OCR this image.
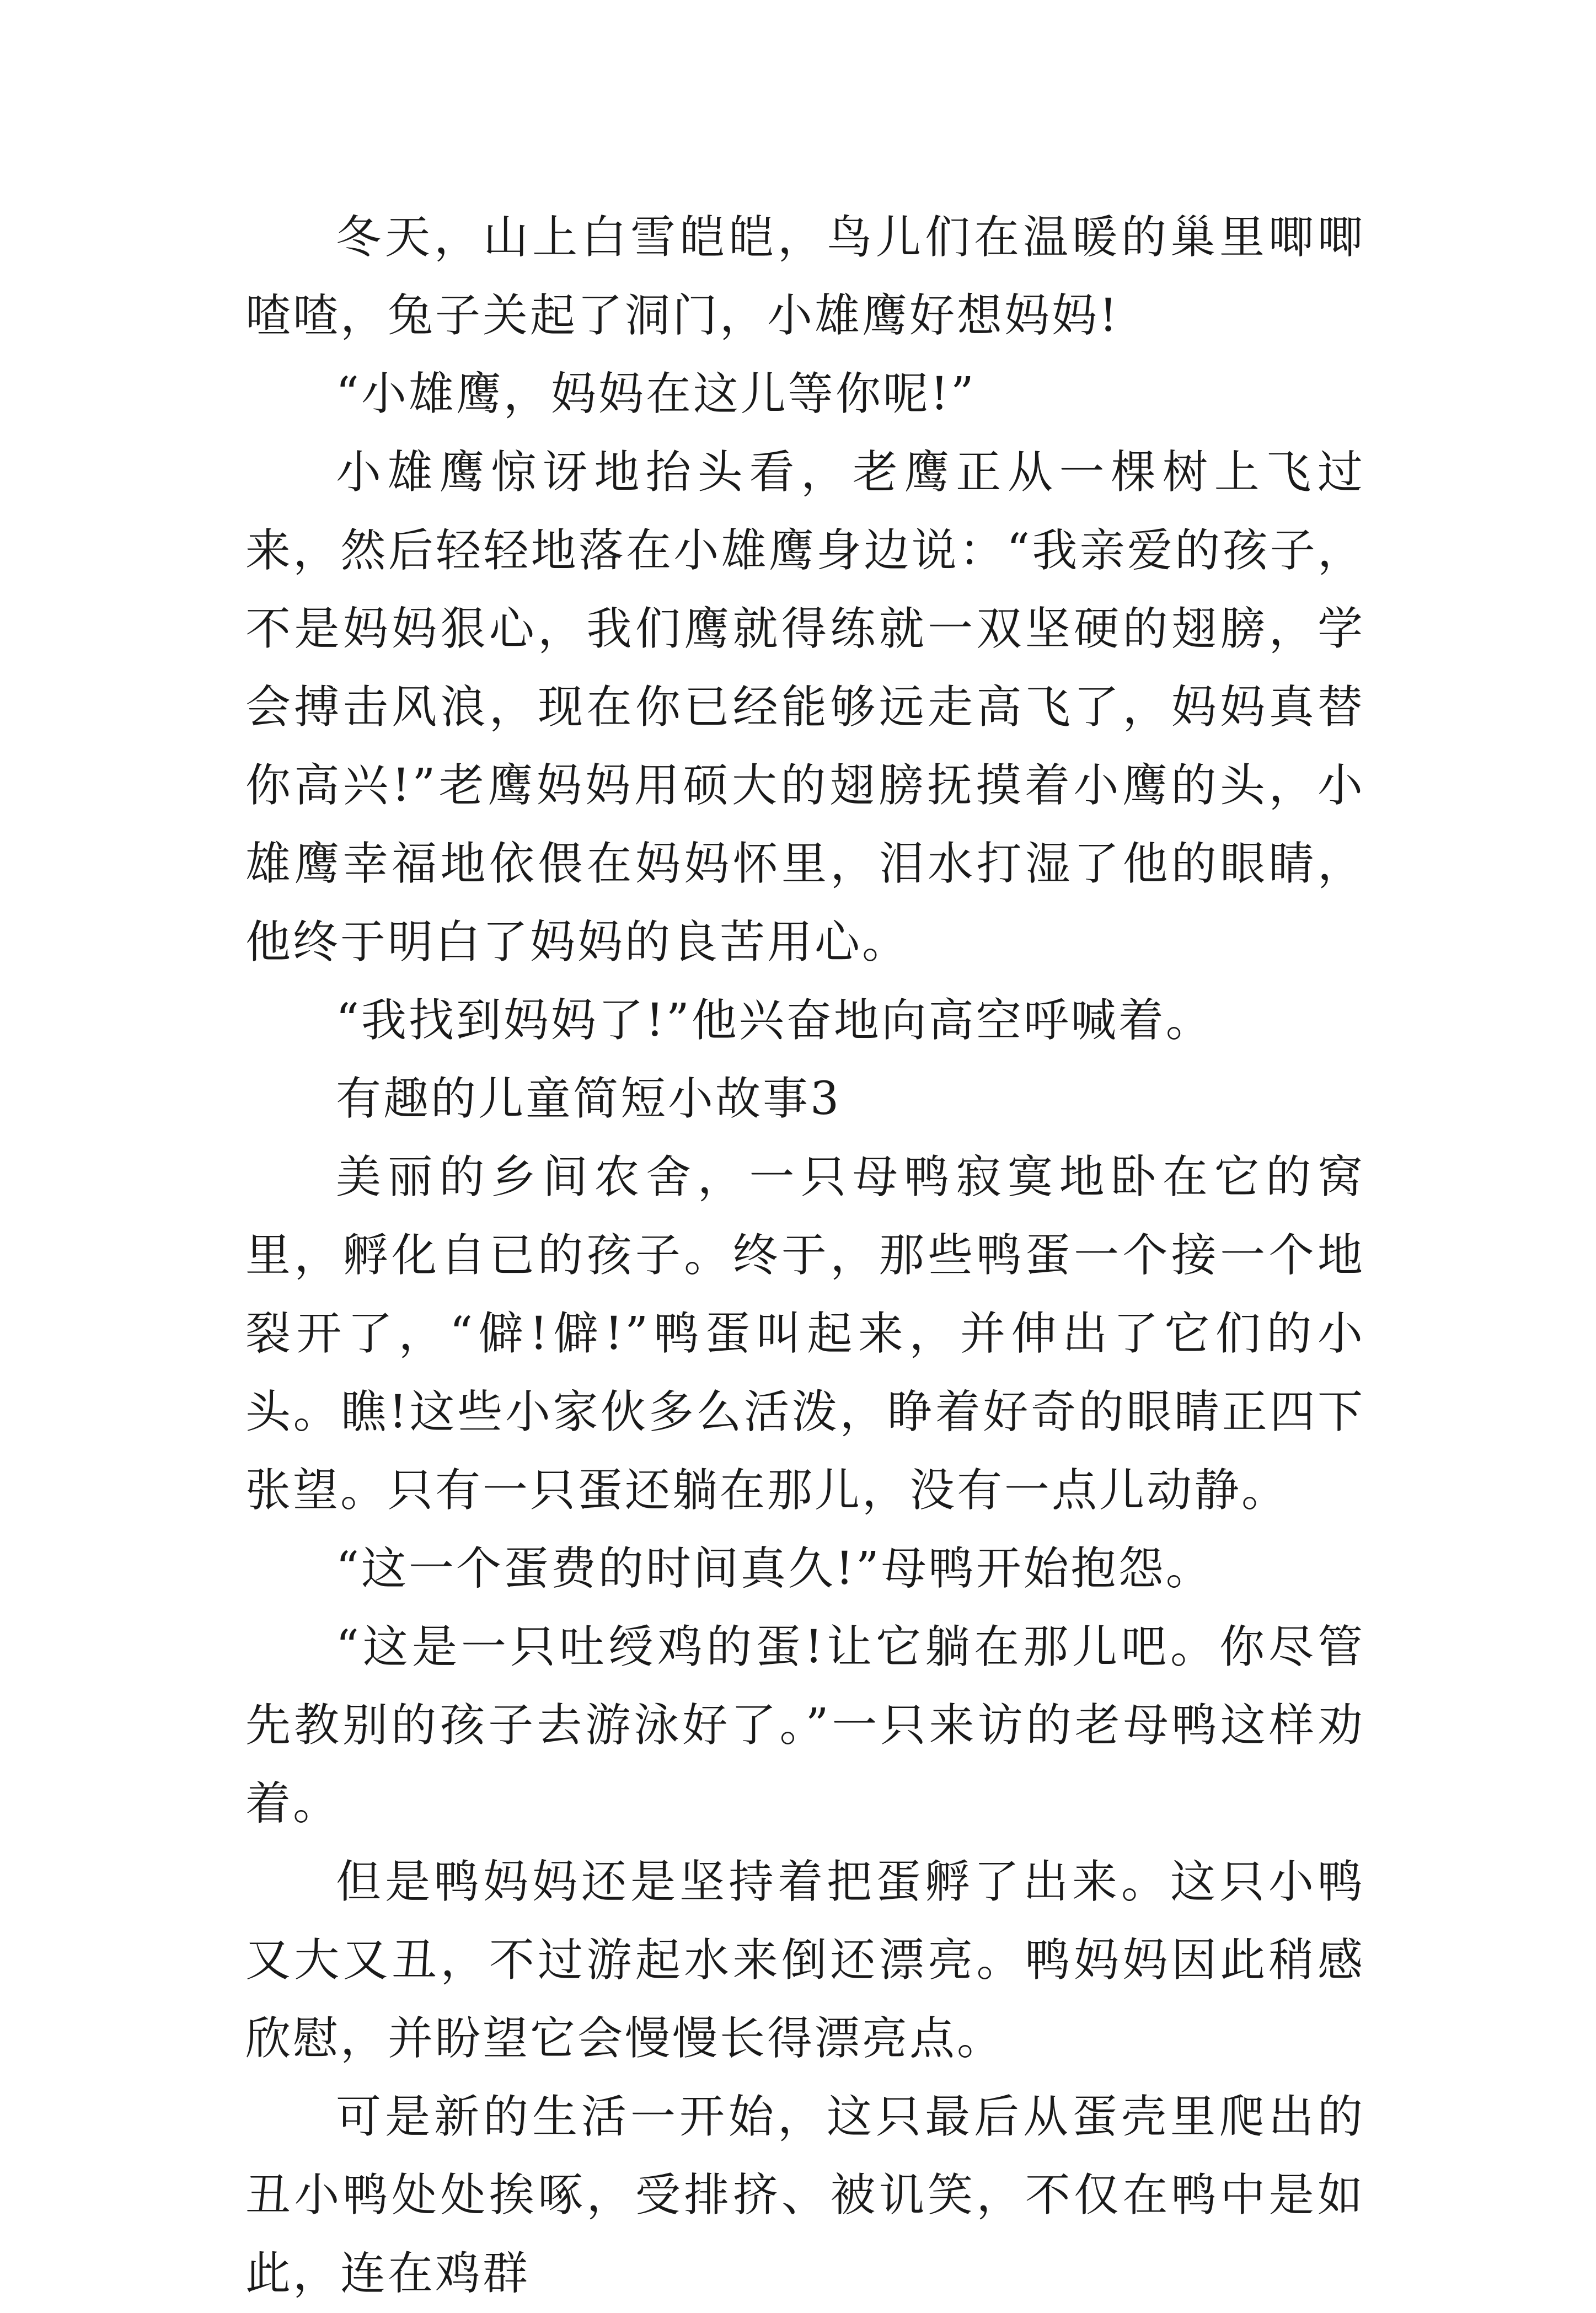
冬天，山上白雪皑皑，鸟儿们在温暖的巢里唧唧喳喳，兔子关起了洞门，小雄鹰好想妈妈!

“小雄鹰，妈妈在这儿等你呢!”

小雄鹰惊讶地抬头看，老鹰正从一棵树上飞过来，然后轻轻地落在小雄鹰身边说：“我亲爱的孩子，不是妈妈狠心，我们鹰就得练就一双坚硬的翅膀，学会搏击风浪，现在你已经能够远走高飞了，妈妈真替你高兴!”老鹰妈妈用硕大的翅膀抚摸着小鹰的头，小雄鹰幸福地依偎在妈妈怀里，泪水打湿了他的眼睛，他终于明白了妈妈的良苦用心。

“我找到妈妈了!”他兴奋地向高空呼喊着。

有趣的儿童简短小故事3

美丽的乡间农舍，一只母鸭寂寞地卧在它的窝里，孵化自已的孩子。终于，那些鸭蛋一个接一个地裂开了，“僻!僻!”鸭蛋叫起来，并伸出了它们的小头。瞧!这些小家伙多么活泼，睁着好奇的眼睛正四下张望。只有一只蛋还躺在那儿，没有一点儿动静。

“这一个蛋费的时间真久!”母鸭开始抱怨。

“这是一只吐绶鸡的蛋!让它躺在那儿吧。你尽管先教别的孩子去游泳好了。”一只来访的老母鸭这样劝着。

但是鸭妈妈还是坚持着把蛋孵了出来。这只小鸭又大又丑，不过游起水来倒还漂亮。鸭妈妈因此稍感欣慰，并盼望它会慢慢长得漂亮点。

可是新的生活一开始，这只最后从蛋壳里爬出的丑小鸭处处挨啄，受排挤、被讥笑，不仅在鸭中是如此，连在鸡群
